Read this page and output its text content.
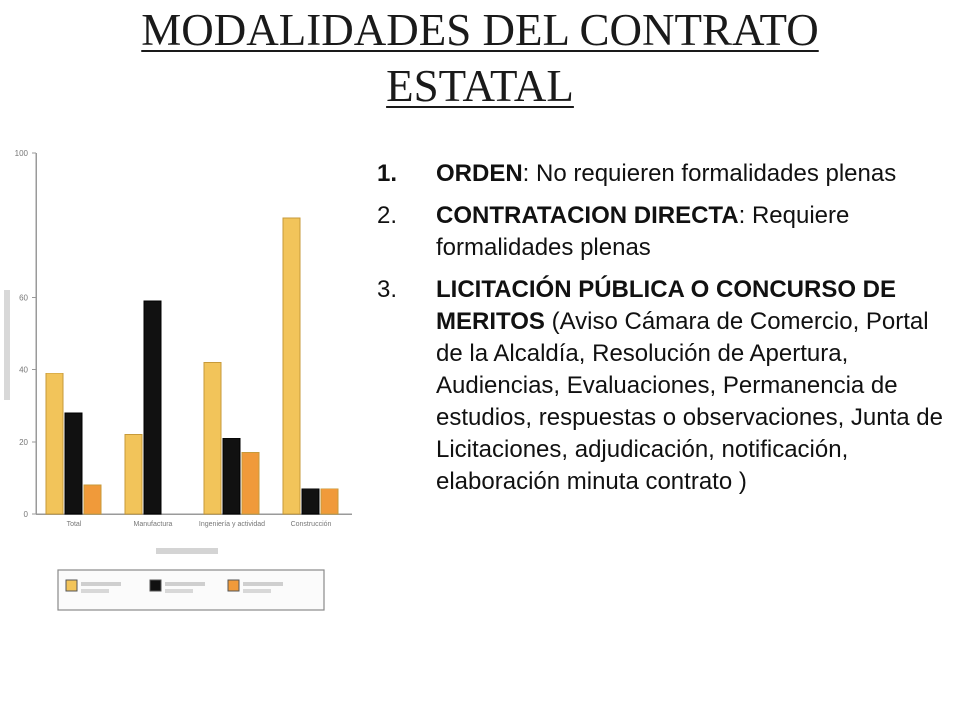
MODALIDADES DEL CONTRATO
ESTATAL
0
20
40
60
100
Total	Manufactura	Ingeniería y actividad	Construcción
1. ORDEN: No requieren formalidades plenas
2. CONTRATACION DIRECTA: Requiere formalidades plenas
3. LICITACIÓN PÚBLICA O CONCURSO DE MERITOS (Aviso Cámara de Comercio, Portal de la Alcaldía, Resolución de Apertura, Audiencias, Evaluaciones, Permanencia de estudios, respuestas o observaciones, Junta de Licitaciones, adjudicación, notificación, elaboración minuta contrato )
